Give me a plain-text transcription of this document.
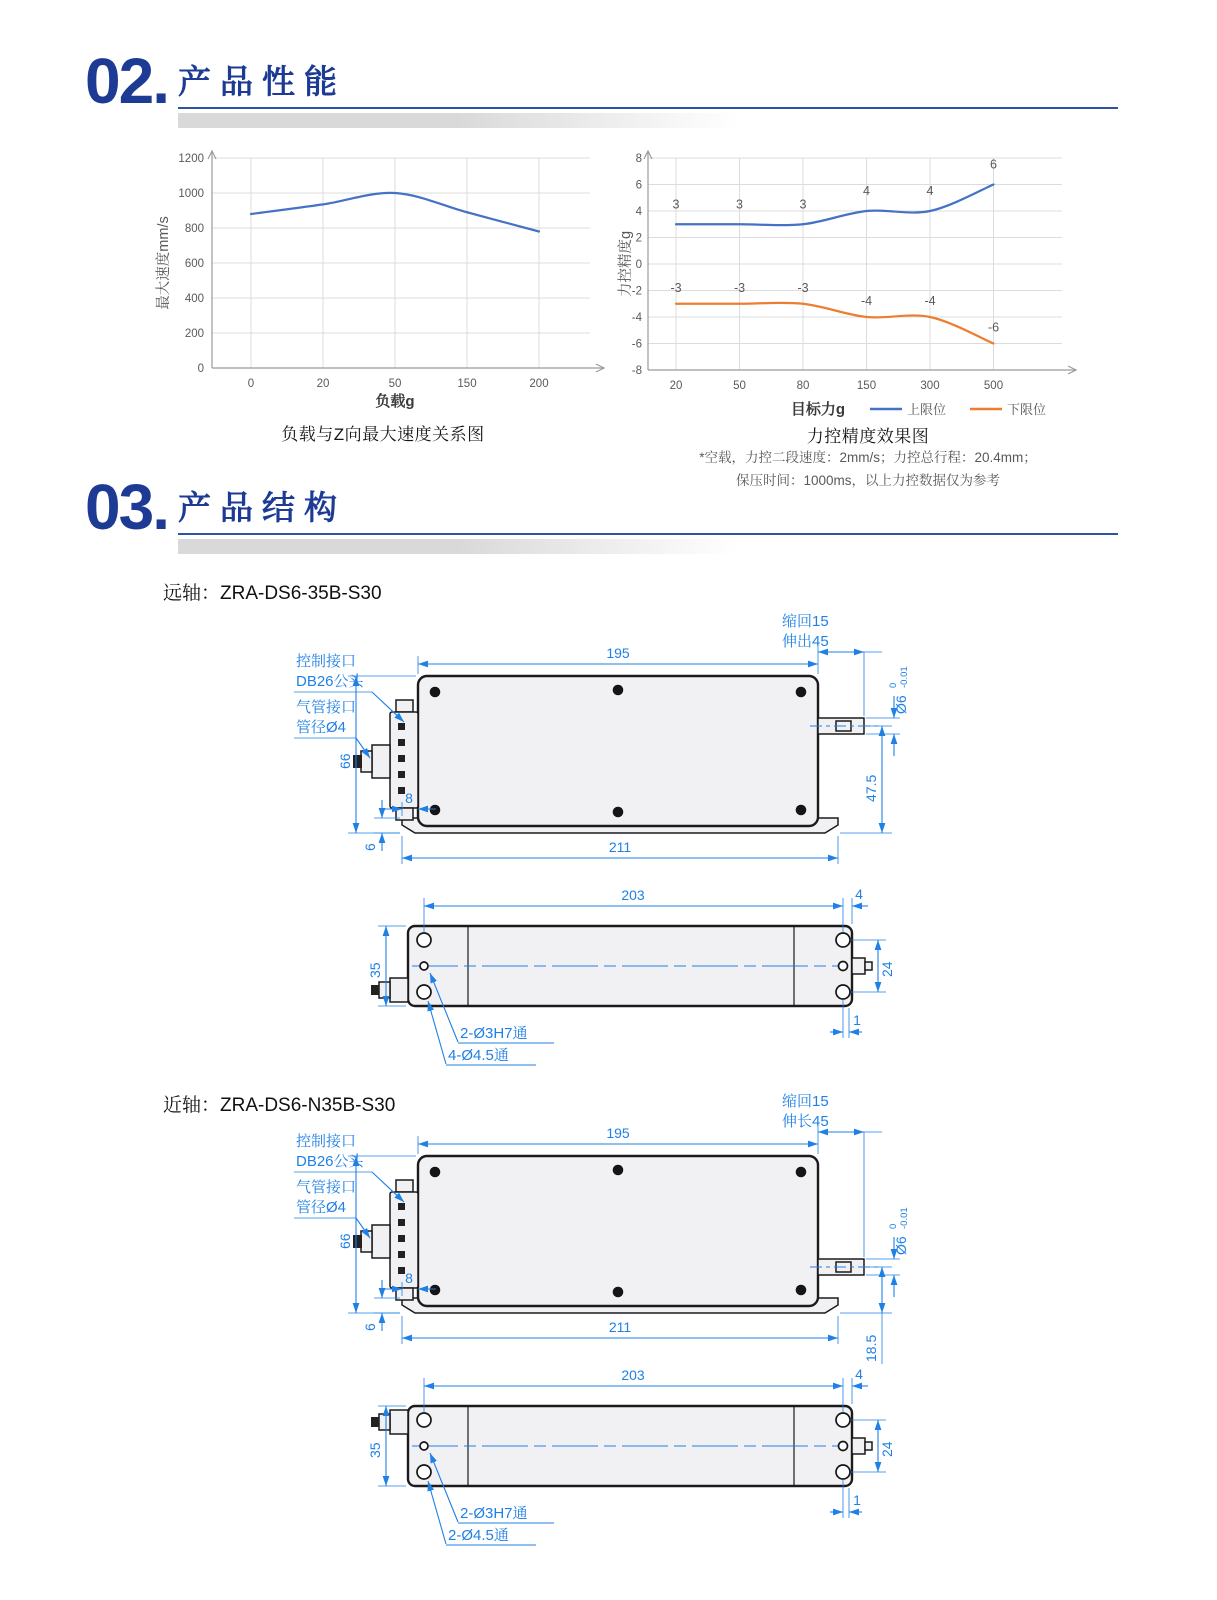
02. 产品性能
0
200
400
600
800
1000
1200
0	20	50	150	200
最大速度mm/s
负载g
负载与Z向最大速度关系图
-8
-6
-4
-2
0
2
4
6
8
20	50	80	150	300	500
3	3	3
4	4
6
-3	-3	-3
-4	-4
-6
力控精度g
目标力g	上限位	下限位
力控精度效果图
*空载，力控二段速度：2mm/s；力控总行程：20.4mm；
保压时间：1000ms，以上力控数据仅为参考
03. 产品结构
远轴：ZRA-DS6-35B-S30
195
缩回15
伸出45
Ø6
0 -0.01
47.5
66
8
6	211
控制接口
DB26公头
气管接口
管径Ø4
203	4
35	24
1
2-Ø3H7通
4-Ø4.5通
近轴：ZRA-DS6-N35B-S30
195
缩回15
伸长45
Ø6
0 -0.01
18.5
66
8
6	211
控制接口
DB26公头
气管接口
管径Ø4
203	4
35	24
1
2-Ø3H7通
2-Ø4.5通
